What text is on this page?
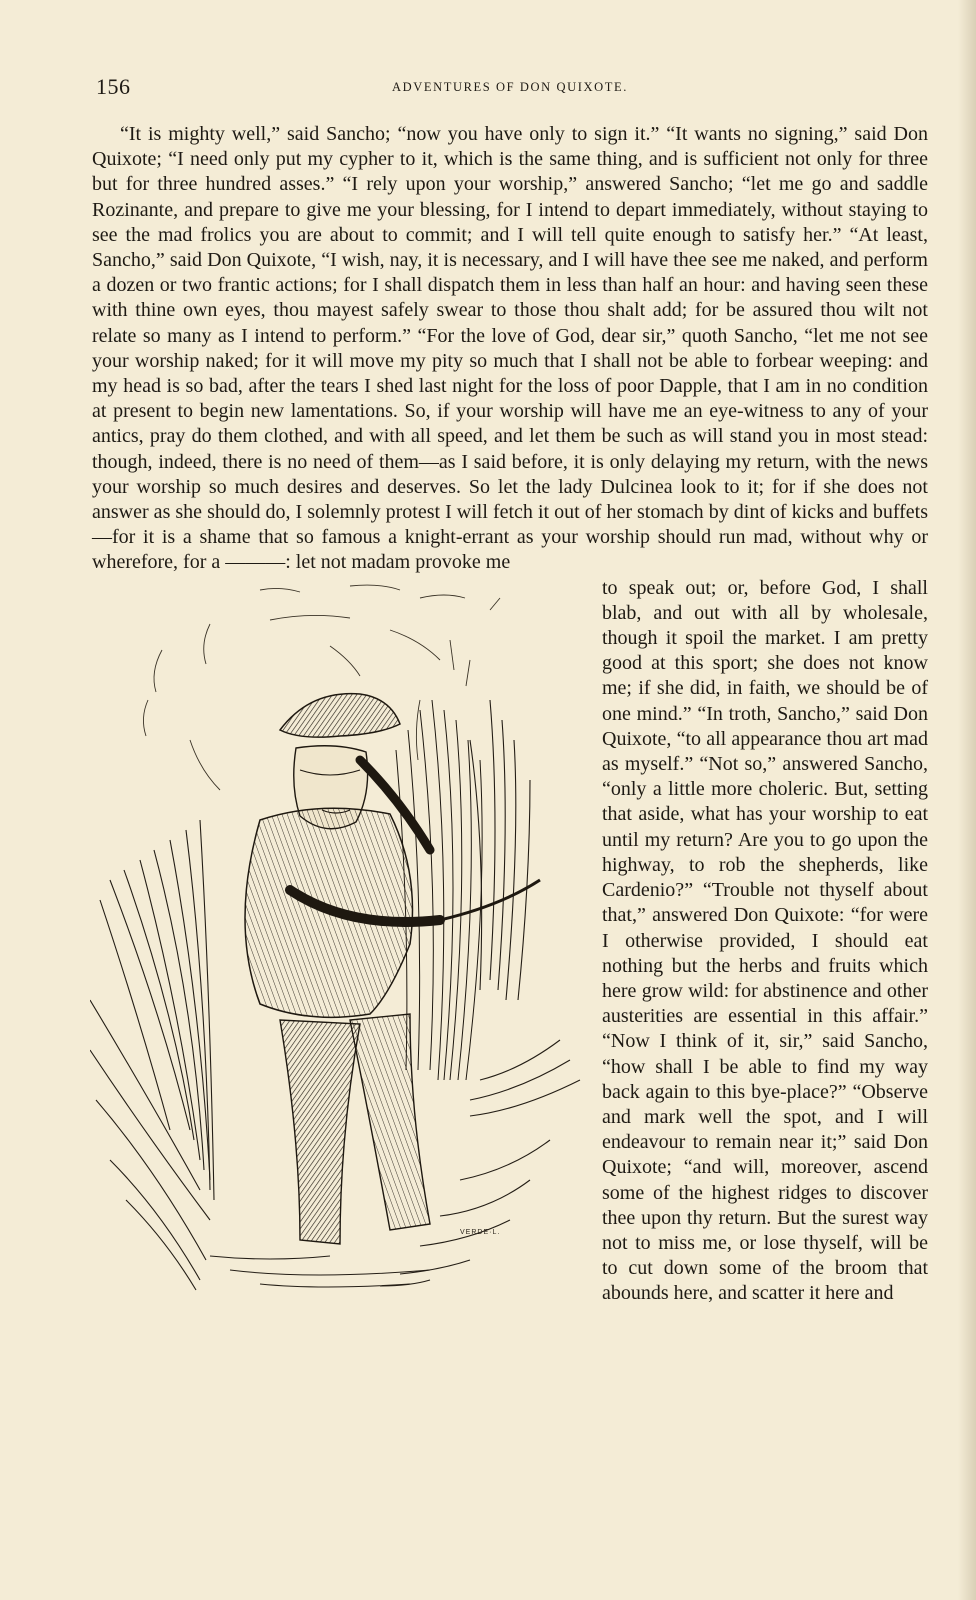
156	ADVENTURES OF DON QUIXOTE.

“It is mighty well,” said Sancho; “now you have only to sign it.” “It wants no signing,” said Don Quixote; “I need only put my cypher to it, which is the same thing, and is sufficient not only for three but for three hundred asses.” “I rely upon your worship,” answered Sancho; “let me go and saddle Rozinante, and prepare to give me your blessing, for I intend to depart immediately, without staying to see the mad frolics you are about to commit; and I will tell quite enough to satisfy her.” “At least, Sancho,” said Don Quixote, “I wish, nay, it is necessary, and I will have thee see me naked, and perform a dozen or two frantic actions; for I shall dispatch them in less than half an hour: and having seen these with thine own eyes, thou mayest safely swear to those thou shalt add; for be assured thou wilt not relate so many as I intend to perform.” “For the love of God, dear sir,” quoth Sancho, “let me not see your worship naked; for it will move my pity so much that I shall not be able to forbear weeping: and my head is so bad, after the tears I shed last night for the loss of poor Dapple, that I am in no condition at present to begin new lamentations. So, if your worship will have me an eye-witness to any of your antics, pray do them clothed, and with all speed, and let them be such as will stand you in most stead: though, indeed, there is no need of them—as I said before, it is only delaying my return, with the news your worship so much desires and deserves. So let the lady Dulcinea look to it; for if she does not answer as she should do, I solemnly protest I will fetch it out of her stomach by dint of kicks and buffets—for it is a shame that so famous a knight-errant as your worship should run mad, without why or wherefore, for a ———: let not madam provoke me

VERDE·L.

to speak out; or, before God, I shall blab, and out with all by wholesale, though it spoil the market. I am pretty good at this sport; she does not know me; if she did, in faith, we should be of one mind.” “In troth, Sancho,” said Don Quixote, “to all appearance thou art mad as myself.” “Not so,” answered Sancho, “only a little more choleric. But, setting that aside, what has your worship to eat until my return? Are you to go upon the highway, to rob the shepherds, like Cardenio?” “Trouble not thyself about that,” answered Don Quixote: “for were I otherwise provided, I should eat nothing but the herbs and fruits which here grow wild: for abstinence and other austerities are essential in this affair.” “Now I think of it, sir,” said Sancho, “how shall I be able to find my way back again to this bye-place?” “Observe and mark well the spot, and I will endeavour to remain near it;” said Don Quixote; “and will, moreover, ascend some of the highest ridges to discover thee upon thy return. But the surest way not to miss me, or lose thyself, will be to cut down some of the broom that abounds here, and scatter it here and
